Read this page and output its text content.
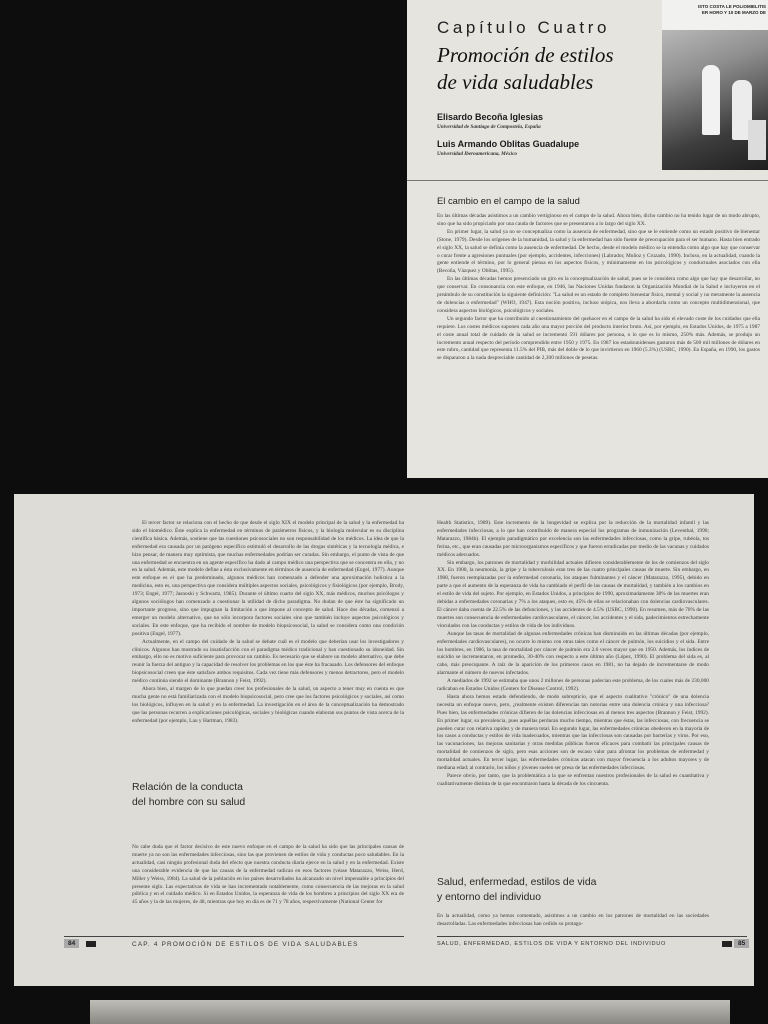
ISTO COSTA LE POLIOMIELITIS
ER HORO Y 10 DE MARZO DE
Capítulo Cuatro
Promoción de estilos
de vida saludables
Elisardo Becoña Iglesias
Universidad de Santiago de Compostela, España
Luis Armando Oblitas Guadalupe
Universidad Iberoamericana, México
El cambio en el campo de la salud

En las últimas décadas asistimos a un cambio vertiginoso en el campo de la salud. Ahora bien, dicho cambio no ha tenido lugar de un modo abrupto, sino que ha sido propiciado por una cauda de factores que se presentaron a lo largo del siglo XX.

En primer lugar, la salud ya no se conceptualiza como la ausencia de enfermedad, sino que se le entiende como un estado positivo de bienestar (Stone, 1979). Desde los orígenes de la humanidad, la salud y la enfermedad han sido fuente de preocupación para el ser humano. Hasta bien entrado el siglo XX, la salud se definía como la ausencia de enfermedad. De hecho, desde el modelo médico se la entendía como algo que hay que conservar o curar frente a agresiones puntuales (por ejemplo, accidentes, infecciones) (Labrador, Muñoz y Cruzado, 1990). Incluso, en la actualidad, cuando la gente entiende el término, por lo general piensa en los aspectos físicos, y mínimamente en los psicológicos y conductuales asociados con ella (Becoña, Vázquez y Oblitas, 1995).

En las últimas décadas hemos presenciado un giro en la conceptualización de salud, pues se le considera como algo que hay que desarrollar, no que conservar. En consonancia con este enfoque, en 1946, las Naciones Unidas fundaron la Organización Mundial de la Salud e incluyeron en el preámbulo de su constitución la siguiente definición: "La salud es un estado de completo bienestar físico, mental y social y no meramente la ausencia de dolencias o enfermedad" (WHO, 1947). Esta noción positiva, incluso utópica, nos lleva a abordarla como un concepto multidimensional, que considera aspectos biológicos, psicológicos y sociales.

Un segundo factor que ha contribuido al cuestionamiento del quehacer en el campo de la salud ha sido el elevado coste de los cuidados que ella requiere. Los costes médicos suponen cada año una mayor porción del producto interior bruto. Así, por ejemplo, en Estados Unidos, de 1975 a 1987 el coste anual total de cuidado de la salud se incrementó 591 dólares por persona, o lo que es lo mismo, 250% más. Además, se produjo un incremento anual respecto del período comprendido entre 1950 y 1975. En 1987 los estadounidenses gastaron más de 500 mil millones de dólares en este rubro, cantidad que representa 11.5% del PIB, más del doble de lo que invirtieron en 1960 (5.3%) (USBC, 1990). En España, en 1990, los gastos se dispararon a la nada despreciable cantidad de 2,300 millones de pesetas.

El tercer factor se relaciona con el hecho de que desde el siglo XIX el modelo principal de la salud y la enfermedad ha sido el biomédico. Éste explica la enfermedad en términos de parámetros físicos, y la biología molecular es su disciplina científica básica. Además, sostiene que las cuestiones psicosociales no son responsabilidad de los médicos. La idea de que la enfermedad era causada por un patógeno específico estimuló el desarrollo de las drogas sintéticas y la tecnología médica, e hizo pensar, de manera muy optimista, que muchas enfermedades podrían ser curadas. Sin embargo, el punto de vista de que una enfermedad se encuentra en un agente específico ha dado al campo médico una perspectiva que se concentra en ella, y no en la salud. Además, este modelo define a ésta exclusivamente en términos de ausencia de enfermedad (Engel, 1977). Aunque este enfoque es el que ha predominado, algunos médicos han comenzado a defender una aproximación holística a la medicina, esto es, una perspectiva que considera múltiples aspectos sociales, psicológicos y fisiológicos (por ejemplo, Brody, 1973; Engel, 1977; Jasnoski y Schwartz, 1985). Durante el último cuarto del siglo XX, más médicos, muchos psicólogos y algunos sociólogos han comenzado a cuestionar la utilidad de dicho paradigma. No dudan de que éste ha significado un importante progreso, sino que impugnan la limitación a que impone al concepto de salud. Hace dos décadas, comenzó a emerger un modelo alternativo, que no sólo incorpora factores sociales sino que también incluye aspectos psicológicos y sociales. En este enfoque, que ha recibido el nombre de modelo biopsicosocial, la salud se considera como una condición positiva (Engel, 1977).

Actualmente, en el campo del cuidado de la salud se debate cuál es el modelo que deberían usar los investigadores y clínicos. Algunos han mostrado su insatisfacción con el paradigma médico tradicional y han cuestionado su idoneidad. Sin embargo, ello no es motivo suficiente para provocar un cambio. Es necesario que se elabore un modelo alternativo, que debe reunir la fuerza del antiguo y la capacidad de resolver los problemas en los que éste ha fracasado. Los defensores del enfoque biopsicosocial creen que éste satisface ambos requisitos. Cada vez tiene más defensores y menos detractores, pero el modelo médico continúa siendo el dominante (Brannon y Feist, 1992).

Ahora bien, al margen de lo que puedan creer los profesionales de la salud, un aspecto a tener muy en cuenta es que mucha gente no está familiarizada con el modelo biopsicosocial, pero cree que los factores psicológicos y sociales, así como los biológicos, influyen en la salud y en la enfermedad. La investigación en el área de la conceptualización ha demostrado que las personas recurren a explicaciones psicológicas, sociales y biológicas cuando elaboran sus puntos de vista acerca de la enfermedad (por ejemplo, Lau y Hartman, 1983).

Relación de la conducta
del hombre con su salud

No cabe duda que el factor decisivo de este nuevo enfoque en el campo de la salud ha sido que las principales causas de muerte ya no son las enfermedades infecciosas, sino las que provienen de estilos de vida y conductas poco saludables. En la actualidad, casi ningún profesional duda del efecto que nuestra conducta diaria ejerce en la salud y en la enfermedad. Existe una considerable evidencia de que las causas de la enfermedad radican en esos factores (véase Matarazzo, Weiss, Herd, Miller y Weiss, 1984). La salud de la población en los países desarrollados ha alcanzado un nivel impensable a principios del presente siglo. Las expectativas de vida se han incrementado notablemente, como consecuencia de las mejoras en la salud pública y en el cuidado médico. Si en Estados Unidos, la esperanza de vida de los hombres a principios del siglo XX era de 45 años y la de las mujeres, de 48, mientras que hoy en día es de 71 y 78 años, respectivamente (National Center for

84	CAP. 4 PROMOCIÓN DE ESTILOS DE VIDA SALUDABLES

Health Statistics, 1989). Este incremento de la longevidad se explica por la reducción de la mortalidad infantil y las enfermedades infecciosas, a lo que han contribuido de manera especial los programas de inmunización (Leventhal, 1990; Matarazzo, 1984b). El ejemplo paradigmático por excelencia son las enfermedades infecciosas, como la gripe, rubéola, tos ferina, etc., que eran causadas por microorganismos específicos y que fueron erradicadas por medio de las vacunas y cuidados médicos adecuados.

Sin embargo, los patrones de mortalidad y morbilidad actuales difieren considerablemente de los de comienzos del siglo XX. En 1900, la neumonía, la gripe y la tuberculosis eran tres de las cuatro principales causas de muerte. Sin embargo, en 1988, fueron reemplazadas por la enfermedad coronaria, los ataques fulminantes y el cáncer (Matarazzo, 1995), debido en parte a que el aumento de la esperanza de vida ha cambiado el perfil de las causas de mortalidad, y también a los cambios en el estilo de vida del sujeto. Por ejemplo, en Estados Unidos, a principios de 1990, aproximadamente 38% de las muertes eran debidas a enfermedades coronarias y 7% a los ataques, esto es, 45% de ellas se relacionaban con dolencias cardiovasculares. El cáncer daba cuenta de 22.5% de las defunciones, y las accidentes de 4.5% (USBC, 1990). En resumen, más de 70% de las muertes son consecuencia de enfermedades cardiovasculares, el cáncer, los accidentes y el sida, padecimientos estrechamente vinculados con las conductas y estilos de vida de los individuos.

Aunque las tasas de mortalidad de algunas enfermedades crónicas han disminuido en las últimas décadas (por ejemplo, enfermedades cardiovasculares), no ocurre lo mismo con otras tales como el cáncer de pulmón, los suicidios y el sida. Entre los hombres, en 1986, la tasa de mortalidad por cáncer de pulmón era 2.6 veces mayor que en 1950. Además, los índices de suicidio se incrementaron, en promedio, 30-40% con respecto a este último año (López, 1990). El problema del sida es, al cabo, más preocupante. A raíz de la aparición de los primeros casos en 1981, no ha dejado de incrementarse de modo alarmante el número de nuevos infectados.

A mediados de 1992 se estimaba que unos 2 millones de personas padecían este problema, de los cuales más de 230,000 radicaban en Estados Unidos (Centers for Disease Control, 1992).

Hasta ahora hemos estado defendiendo, de modo subrepticio, que el aspecto cualitativo "crónico" de una dolencia necesita un enfoque nuevo, pero, ¿realmente existen diferencias tan notorias entre una dolencia crónica y una infecciosa? Pues bien, las enfermedades crónicas difieren de las dolencias infecciosas en al menos tres aspectos (Brannon y Feist, 1992). En primer lugar, su prevalencia, pues aquéllas perduran mucho tiempo, mientras que éstas, las infecciosas, con frecuencia se pueden curar con relativa rapidez y de manera total. En segundo lugar, las enfermedades crónicas obedecen en la mayoría de los casos a conductas y estilos de vida inadecuados, mientras que las infecciosas son causadas por bacterias y virus. Por eso, las vacunaciones, las mejoras sanitarias y otras medidas públicas fueron eficaces para combatir las principales causas de mortalidad de comienzos de siglo, pero esas acciones son de escaso valor para afrontar los problemas de enfermedad y mortalidad actuales. En tercer lugar, las enfermedades crónicas atacan con mayor frecuencia a los adultos mayores y de mediana edad; al contrario, los niños y jóvenes suelen ser presa de las enfermedades infecciosas.

Parece obvio, por tanto, que la problemática a la que se enfrentan nuestros profesionales de la salud es cuantitativa y cualitativamente distinta de la que encontraron hasta la década de los cincuenta.

Salud, enfermedad, estilos de vida
y entorno del individuo

En la actualidad, como ya hemos comentado, asistimos a un cambio en los patrones de mortalidad en las sociedades desarrolladas. Las enfermedades infecciosas han cedido su protago-

SALUD, ENFERMEDAD, ESTILOS DE VIDA Y ENTORNO DEL INDIVIDUO	85
